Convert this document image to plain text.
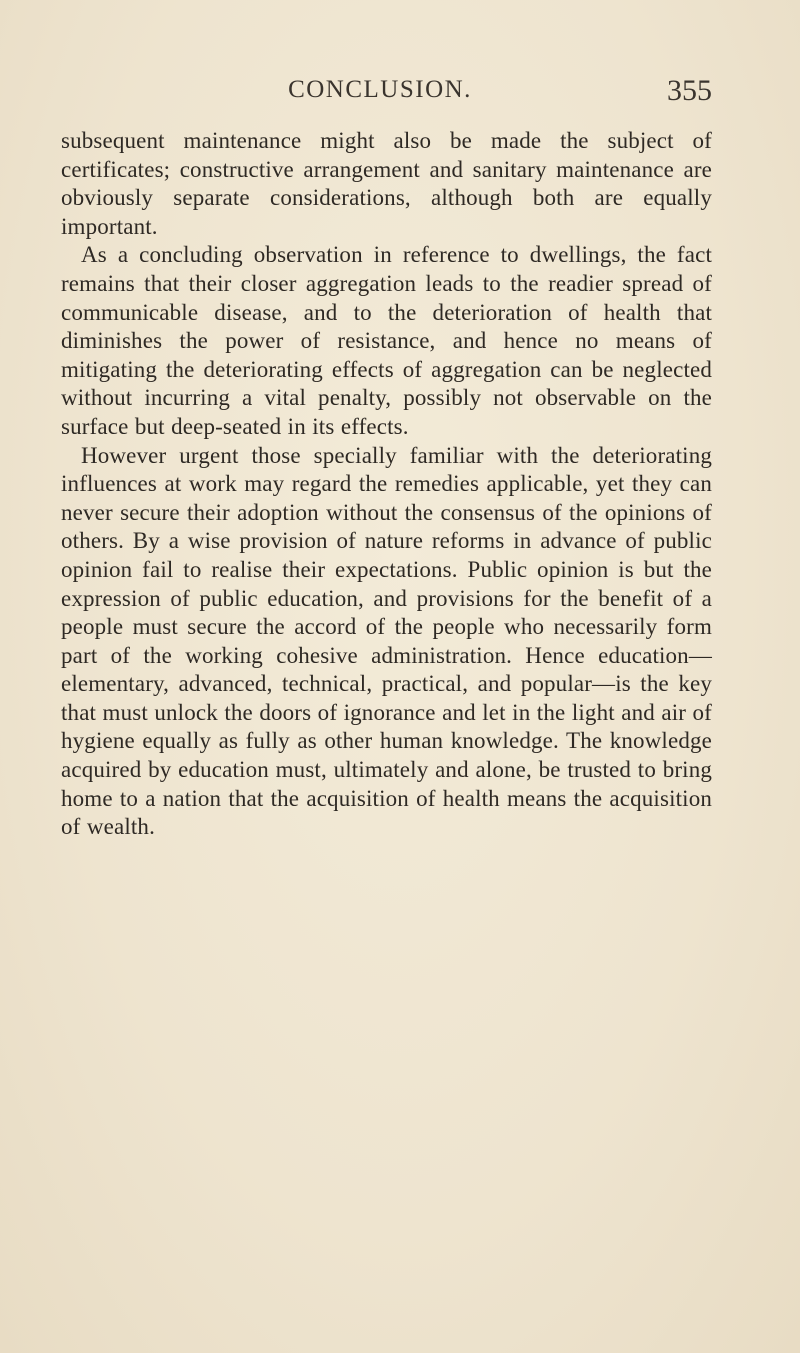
CONCLUSION.	355

subsequent maintenance might also be made the subject of certificates; constructive arrangement and sanitary maintenance are obviously separate considerations, although both are equally important.

As a concluding observation in reference to dwellings, the fact remains that their closer aggregation leads to the readier spread of communicable disease, and to the deterioration of health that diminishes the power of resistance, and hence no means of mitigating the deteriorating effects of aggregation can be neglected without incurring a vital penalty, possibly not observable on the surface but deep-seated in its effects.

However urgent those specially familiar with the deteriorating influences at work may regard the remedies applicable, yet they can never secure their adoption without the consensus of the opinions of others. By a wise provision of nature reforms in advance of public opinion fail to realise their expectations. Public opinion is but the expression of public education, and provisions for the benefit of a people must secure the accord of the people who necessarily form part of the working cohesive administration. Hence education—elementary, advanced, technical, practical, and popular—is the key that must unlock the doors of ignorance and let in the light and air of hygiene equally as fully as other human knowledge. The knowledge acquired by education must, ultimately and alone, be trusted to bring home to a nation that the acquisition of health means the acquisition of wealth.
